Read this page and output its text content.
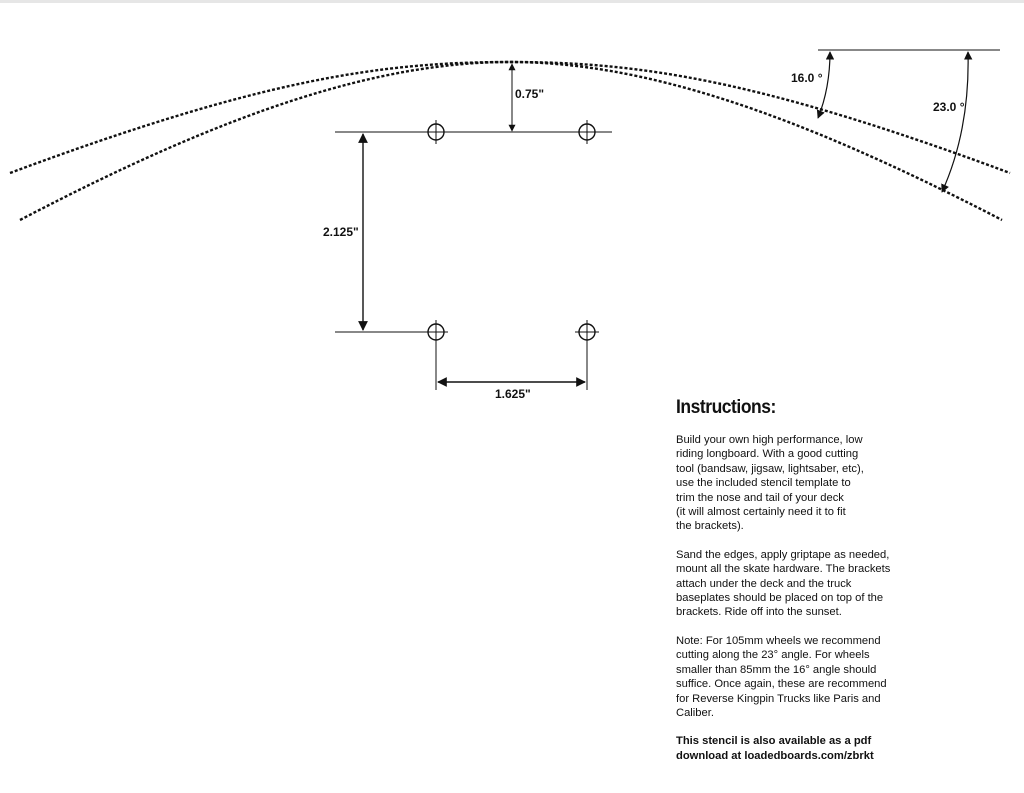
0.75"
2.125"
1.625"
16.0 °
23.0 °
Instructions:

Build your own high performance, low
riding longboard. With a good cutting
tool (bandsaw, jigsaw, lightsaber, etc),
use the included stencil template to
trim the nose and tail of your deck
(it will almost certainly need it to fit
the brackets).

Sand the edges, apply griptape as needed,
mount all the skate hardware. The brackets
attach under the deck and the truck
baseplates should be placed on top of the
brackets. Ride off into the sunset.

Note: For 105mm wheels we recommend
cutting along the 23° angle. For wheels
smaller than 85mm the 16° angle should
suffice. Once again, these are recommend
for Reverse Kingpin Trucks like Paris and
Caliber.

This stencil is also available as a pdf
download at loadedboards.com/zbrkt
